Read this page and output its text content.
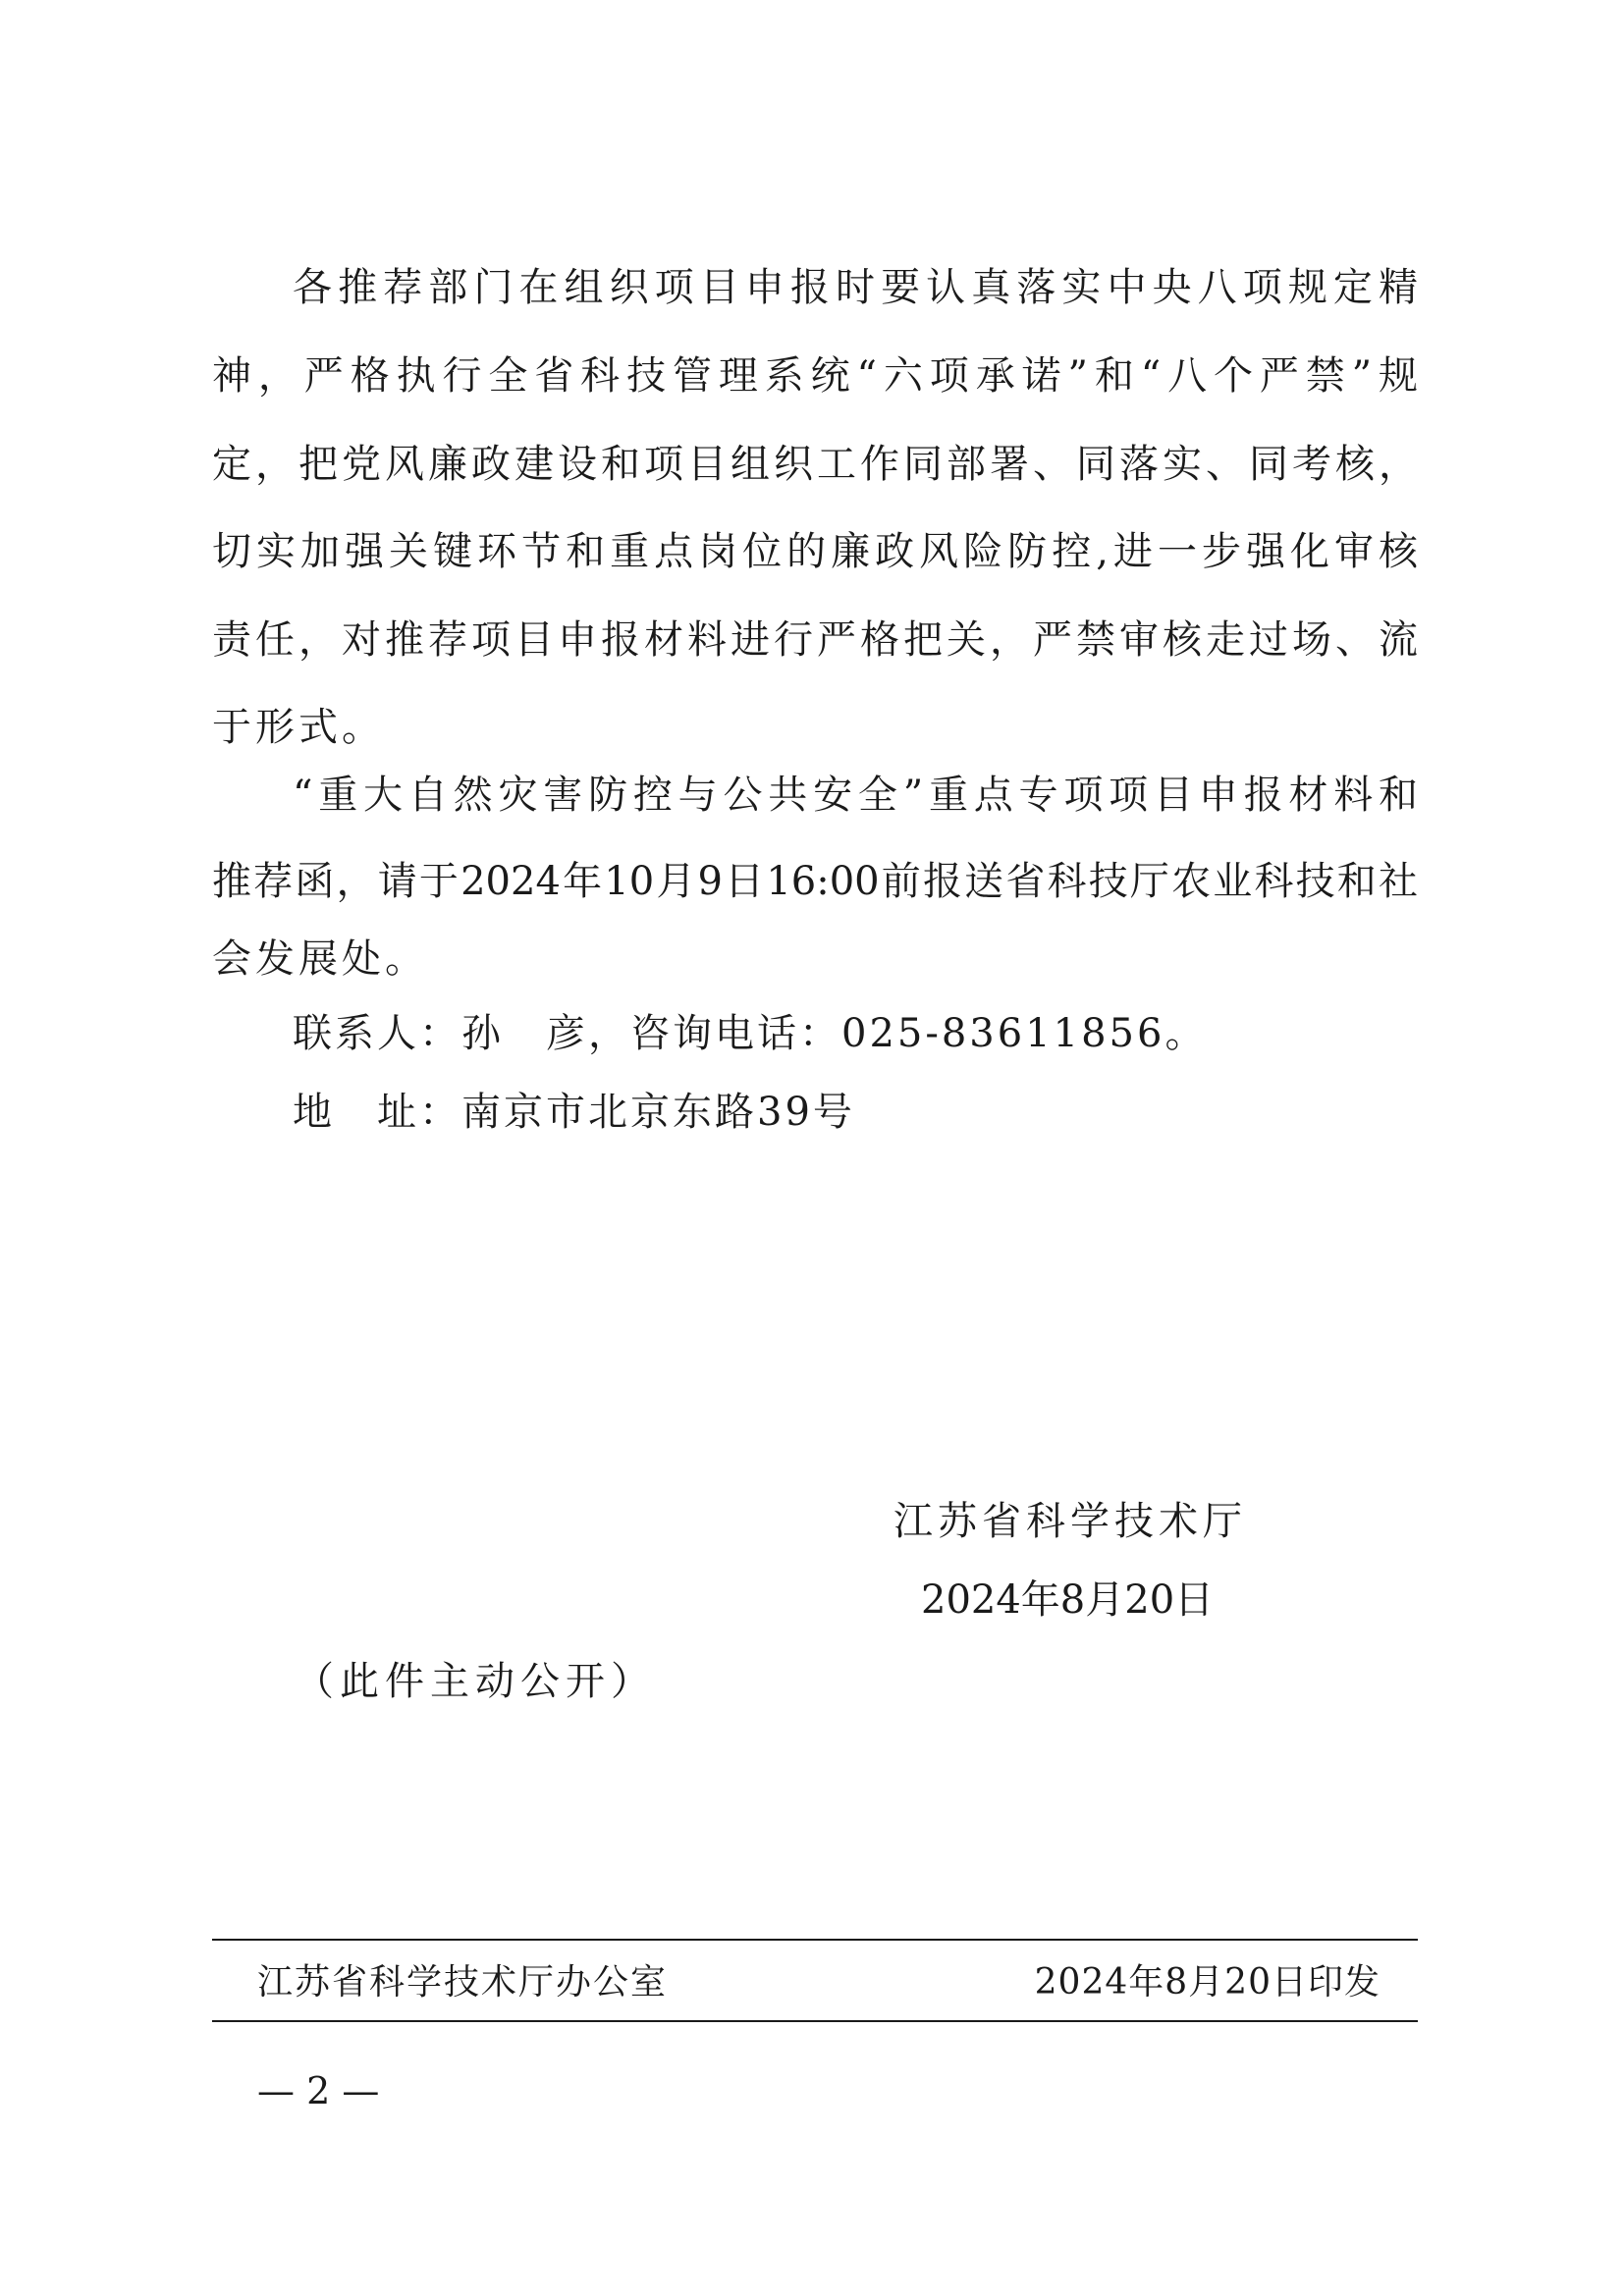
各推荐部门在组织项目申报时要认真落实中央八项规定精
神，严格执行全省科技管理系统“六项承诺”和“八个严禁”规
定，把党风廉政建设和项目组织工作同部署、同落实、同考核，
切实加强关键环节和重点岗位的廉政风险防控,进一步强化审核
责任，对推荐项目申报材料进行严格把关，严禁审核走过场、流
于形式。
“重大自然灾害防控与公共安全”重点专项项目申报材料和
推荐函，请于2024年10月9日16:00前报送省科技厅农业科技和社
会发展处。
联系人：孙　彦，咨询电话：025-83611856。
地　址：南京市北京东路39号
江苏省科学技术厅
2024年8月20日
（此件主动公开）
江苏省科学技术厅办公室	2024年8月20日印发
— 2 —
